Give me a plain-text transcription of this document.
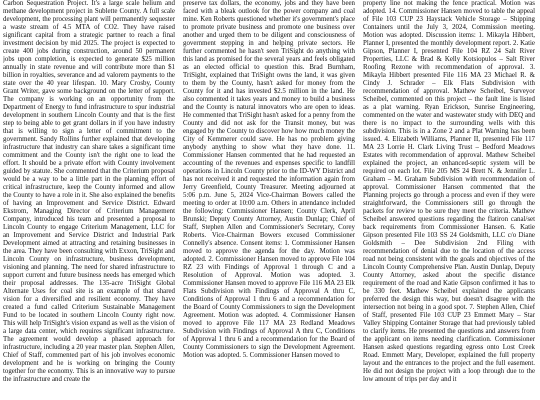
Carbon Sequestration Project. It's a large scale helium and methane development project in Sublette County. A full scale development, the processing plant will permanently sequester a waste stream of 4.5 MTA of CO2. They have raised significant capital from a strategic partner to reach a final investment decision by mid 2025. The project is expected to create 400 jobs during construction, around 50 permanent jobs upon completion, is expected to generate $25 million annually in state revenue and will contribute more than $1 billion in royalties, severance and ad valorem payments to the state over the 40 year lifespan. 10. Mary Crosby, County Grant Writer, gave some background on the letter of support. The company is working on an opportunity from the Department of Energy to fund infrastructure to spur industrial development in southern Lincoln County and that is the first step to being able to get grant dollars in if you have industry that is willing to sign a letter of commitment to the government. Sandy Rollins further explained that developing infrastructure that industry can share takes a significant time commitment and the County isn't the right one to lead the effort. It should be a private effort with County involvement guided by statute. She commented that the Criterium proposal would be a way to be a little part in the planning effort of critical infrastructure, keep the County informed and allow the County to have a role in it. She also explained the benefits of having an Improvement and Service District. Edward Ekstrom, Managing Director of Criterium Management Company, introduced his team and presented a proposal to Lincoln County to engage Criterium Management, LLC for an Improvement and Service District and Industrial Park Development aimed at attracting and retaining businesses in the area. They have been consulting with Exxon, TriSight and Lincoln County on infrastructure, business development, visioning and planning. The need for shared infrastructure to support current and future business needs has emerged which their proposal addresses. The 135-acre TriSight Global Alternate Uses for coal site is an example of that shared vision for a diversified and resilient economy. They have created a fund called Criterium Sustainable Management Fund to be located in southern Lincoln County right now. This will help TriSight's vision expand as well as the vision of a large data center, which requires significant infrastructure. The agreement would develop a phased approach for infrastructure, including a 20 year master plan. Stephen Allen, Chief of Staff, commented part of his job involves economic development and he is working on bringing the County together for the economy. This is an innovative way to pursue the infrastructure and create the

preserve tax dollars, the economy, jobs and they have been faced with a bleak outlook for the power company and coal mine. Ken Roberts questioned whether it's government's place to promote private business and promote one business over another and urged them to be diligent and consciousness of government stepping in and helping private sectors. He further commented he hasn't seen TriSight do anything with this land as promised for the several years and feels obligated as an elected official to question this. Brad Burnham, TriSight, explained that TriSight owns the land, it was given to them by the County, hasn't asked for money from the County for it and has invested $2.5 million in the land. He also commented it takes years and money to build a business and the County is natural innovators who are open to ideas. He commented that TriSight hasn't asked for a penny from the County and did not ask for the Transit money, but was engaged by the County to discover how how much money the City of Kemmerer could save. He has no problem giving anybody anything to show what they have done. 11. Commissioner Hansen commented that he had requested an accounting of the revenues and expenses specific to landfill operations in Lincoln County prior to the ID-WY District and has not received it and requested the information again from Jerry Greenfield, County Treasurer. Meeting adjourned at 5:06 p.m. June 5, 2024 Vice-Chairman Bowers called the meeting to order at 10:00 a.m. Others in attendance included the following: Commissioner Hansen; County Clerk, April Brunski; Deputy County Attorney, Austin Dunlap; Chief of Staff, Stephen Allen and Commissioner's Secretary, Corey Roberts. Vice-Chairman Bowers excused Commissioner Connelly's absence. Consent items: 1. Commissioner Hansen moved to approve the agenda for the day. Motion was adopted. 2. Commissioner Hansen moved to approve File 104 RZ 23 with Findings of Approval 1 through C and a Resolution of Approval. Motion was adopted. 3. Commissioner Hansen moved to approve File 116 MA 23 Elk Flats Subdivision with Findings of Approval A thru C, Conditions of Approval 1 thru 6 and a recommendation for the Board of County Commissioners to sign the Development Agreement. Motion was adopted. 4. Commissioner Hansen moved to approve File 117 MA 23 Redland Meadows Subdivision with Findings of Approval A thru C, Conditions of Approval 1 thru 6 and a recommendation for the Board of County Commissioners to sign the Development Agreement. Motion was adopted. 5. Commissioner Hansen moved to

property line not making the fence practical. Motion was adopted. 14. Commissioner Hansen moved to table the appeal of File 103 CUP 23 Haystack Vehicle Storage – Shipping Containers until the July 3, 2024, Commission meeting. Motion was adopted. Discussion items: 1. Mikayla Hibbert, Planner I, presented the monthly development report. 2. Katie Gipson, Planner I, presented File 104 RZ 24 Salt River Properties, LLC & Brad & Kelly Kotsiopulos – Salt River Roofing Rezone with recommendation of approval. 3. Mikayla Hibbert presented File 116 MA 23 Michael R. & Cindy J. Schrader – Elk Flats Subdivision with recommendation of approval. Mathew Scheibel, Surveyor Scheibel, commented on this project – the fault line is listed as a plat warning. Ryan Erickson, Sunrise Engineering, commented on the water and wastewater study with DEQ and there is no impact to the surrounding wells with this subdivision. This is in a Zone 2 and a Plat Warning has been issued. 4. Elizabeth Williams, Planner II, presented File 117 MA 23 Lorrie H. Clark Living Trust – Bedford Meadows Estates with recommendation of approval. Mathew Scheibel explained the project, an enhanced-septic system will be required on each lot. File 205 MS 24 Brett N. & Jennifer L. Graham – M. Graham Subdivision with recommendation of approval. Commissioner Hansen commented that the Planning projects go through a process and even if they were straightforward, the Commissioners still go through the packets for review to be sure they meet the criteria. Mathew Scheibel answered questions regarding the flatiron canal/set back requirements from Commissioner Hansen. 6. Katie Gipson presented File 103 SS 24 Goldsmith, LLC c/o Diane Goldsmith – Dee Subdivision 2nd Filing with recommendation of denial due to the location of the access road not being consistent with the goals and objectives of the Lincoln County Comprehensive Plan. Austin Dunlap, Deputy County Attorney, asked about the specific distance requirement of the road and Katie Gipson confirmed it has to be 330 feet. Mathew Scheibel explained the applicants preferred the design this way, but doesn't disagree with the intersection not being in a good spot. 7. Stephen Allen, Chief of Staff, presented File 103 CUP 23 Emmett Mary – Star Valley Shipping Container Storage that had previously tabled to clarify items. He presented the questions and answers from the applicant on items needing clarification. Commissioner Hansen asked questions regarding egress onto Lost Creek Road. Emmett Mary, Developer, explained the full property layout and the entrances to the project and the full easement. He did not design the project with a loop through due to the low amount of trips per day and it
